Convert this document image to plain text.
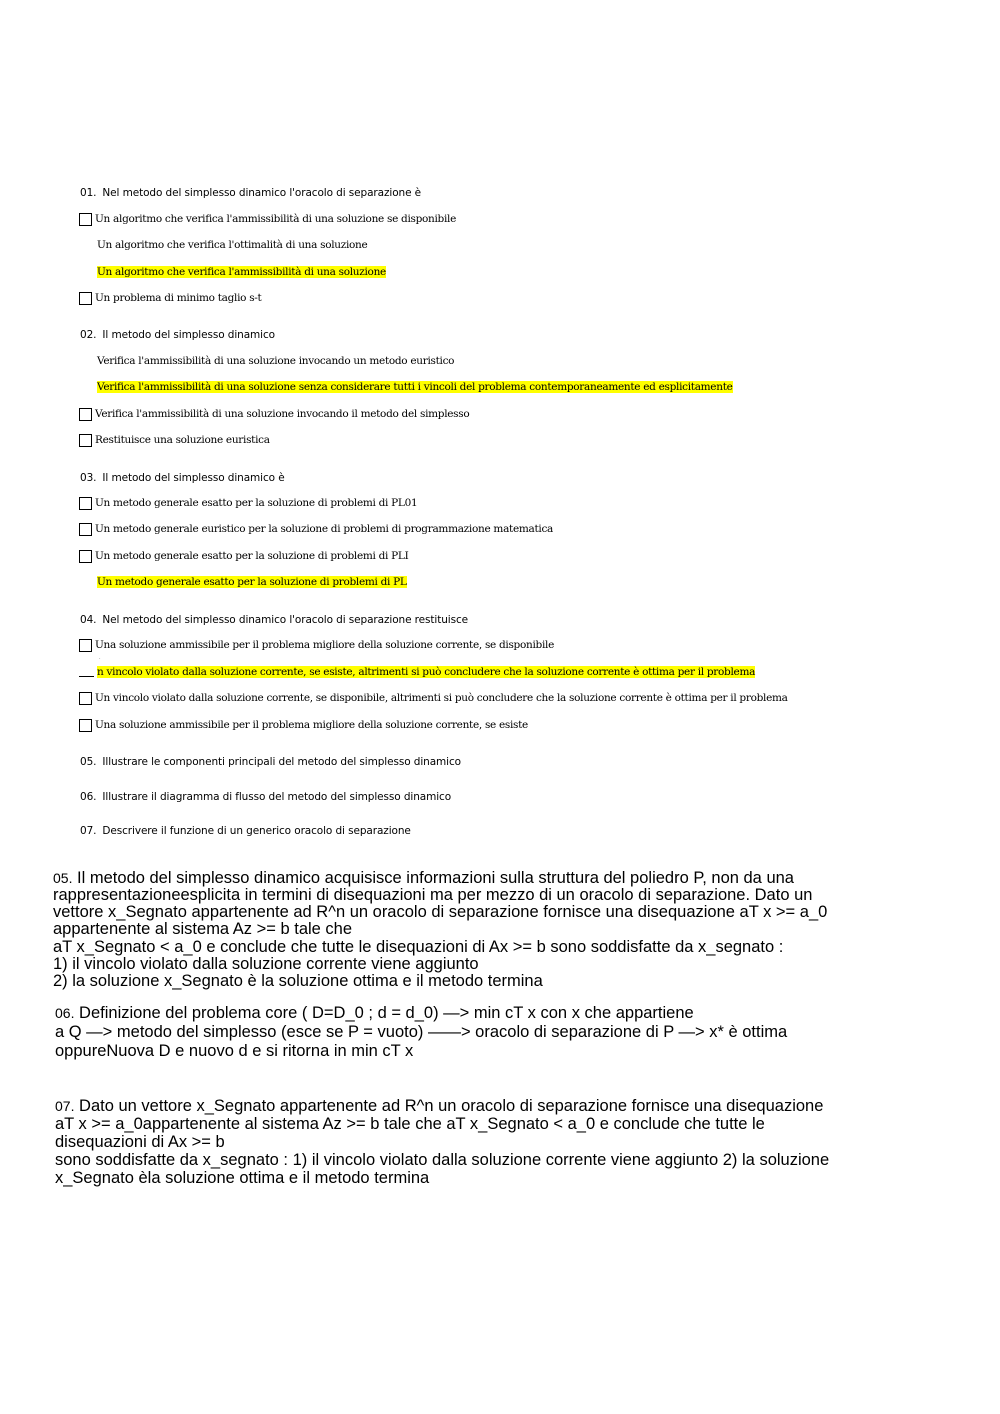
01. Nel metodo del simplesso dinamico l'oracolo di separazione è
Un algoritmo che verifica l'ammissibilità di una soluzione se disponibile
Un algoritmo che verifica l'ottimalità di una soluzione
Un algoritmo che verifica l'ammissibilità di una soluzione
Un problema di minimo taglio s-t
02. Il metodo del simplesso dinamico
Verifica l'ammissibilità di una soluzione invocando un metodo euristico
Verifica l'ammissibilità di una soluzione senza considerare tutti i vincoli del problema contemporaneamente ed esplicitamente
Verifica l'ammissibilità di una soluzione invocando il metodo del simplesso
Restituisce una soluzione euristica
03. Il metodo del simplesso dinamico è
Un metodo generale esatto per la soluzione di problemi di PL01
Un metodo generale euristico per la soluzione di problemi di programmazione matematica
Un metodo generale esatto per la soluzione di problemi di PLI
Un metodo generale esatto per la soluzione di problemi di PL
04. Nel metodo del simplesso dinamico l'oracolo di separazione restituisce
Una soluzione ammissibile per il problema migliore della soluzione corrente, se disponibile
·
n vincolo violato dalla soluzione corrente, se esiste, altrimenti si può concludere che la soluzione corrente è ottima per il problema
Un vincolo violato dalla soluzione corrente, se disponibile, altrimenti si può concludere che la soluzione corrente è ottima per il problema
Una soluzione ammissibile per il problema migliore della soluzione corrente, se esiste
05. Illustrare le componenti principali del metodo del simplesso dinamico
06. Illustrare il diagramma di flusso del metodo del simplesso dinamico
07. Descrivere il funzione di un generico oracolo di separazione
05. Il metodo del simplesso dinamico acquisisce informazioni sulla struttura del poliedro P, non da una
rappresentazioneesplicita in termini di disequazioni ma per mezzo di un oracolo di separazione. Dato un
vettore x_Segnato appartenente ad R^n un oracolo di separazione fornisce una disequazione aT x >= a_0
appartenente al sistema Az >= b tale che
aT x_Segnato < a_0 e conclude che tutte le disequazioni di Ax >= b sono soddisfatte da x_segnato :
1) il vincolo violato dalla soluzione corrente viene aggiunto
2) la soluzione x_Segnato è la soluzione ottima e il metodo termina
06. Definizione del problema core ( D=D_0 ; d = d_0) —> min cT x con x che appartiene
a Q —> metodo del simplesso (esce se P = vuoto) ——> oracolo di separazione di P —> x* è ottima
oppureNuova D e nuovo d e si ritorna in min cT x
07. Dato un vettore x_Segnato appartenente ad R^n un oracolo di separazione fornisce una disequazione
aT x >= a_0appartenente al sistema Az >= b tale che aT x_Segnato < a_0 e conclude che tutte le
disequazioni di Ax >= b
sono soddisfatte da x_segnato : 1) il vincolo violato dalla soluzione corrente viene aggiunto 2) la soluzione
x_Segnato èla soluzione ottima e il metodo termina
